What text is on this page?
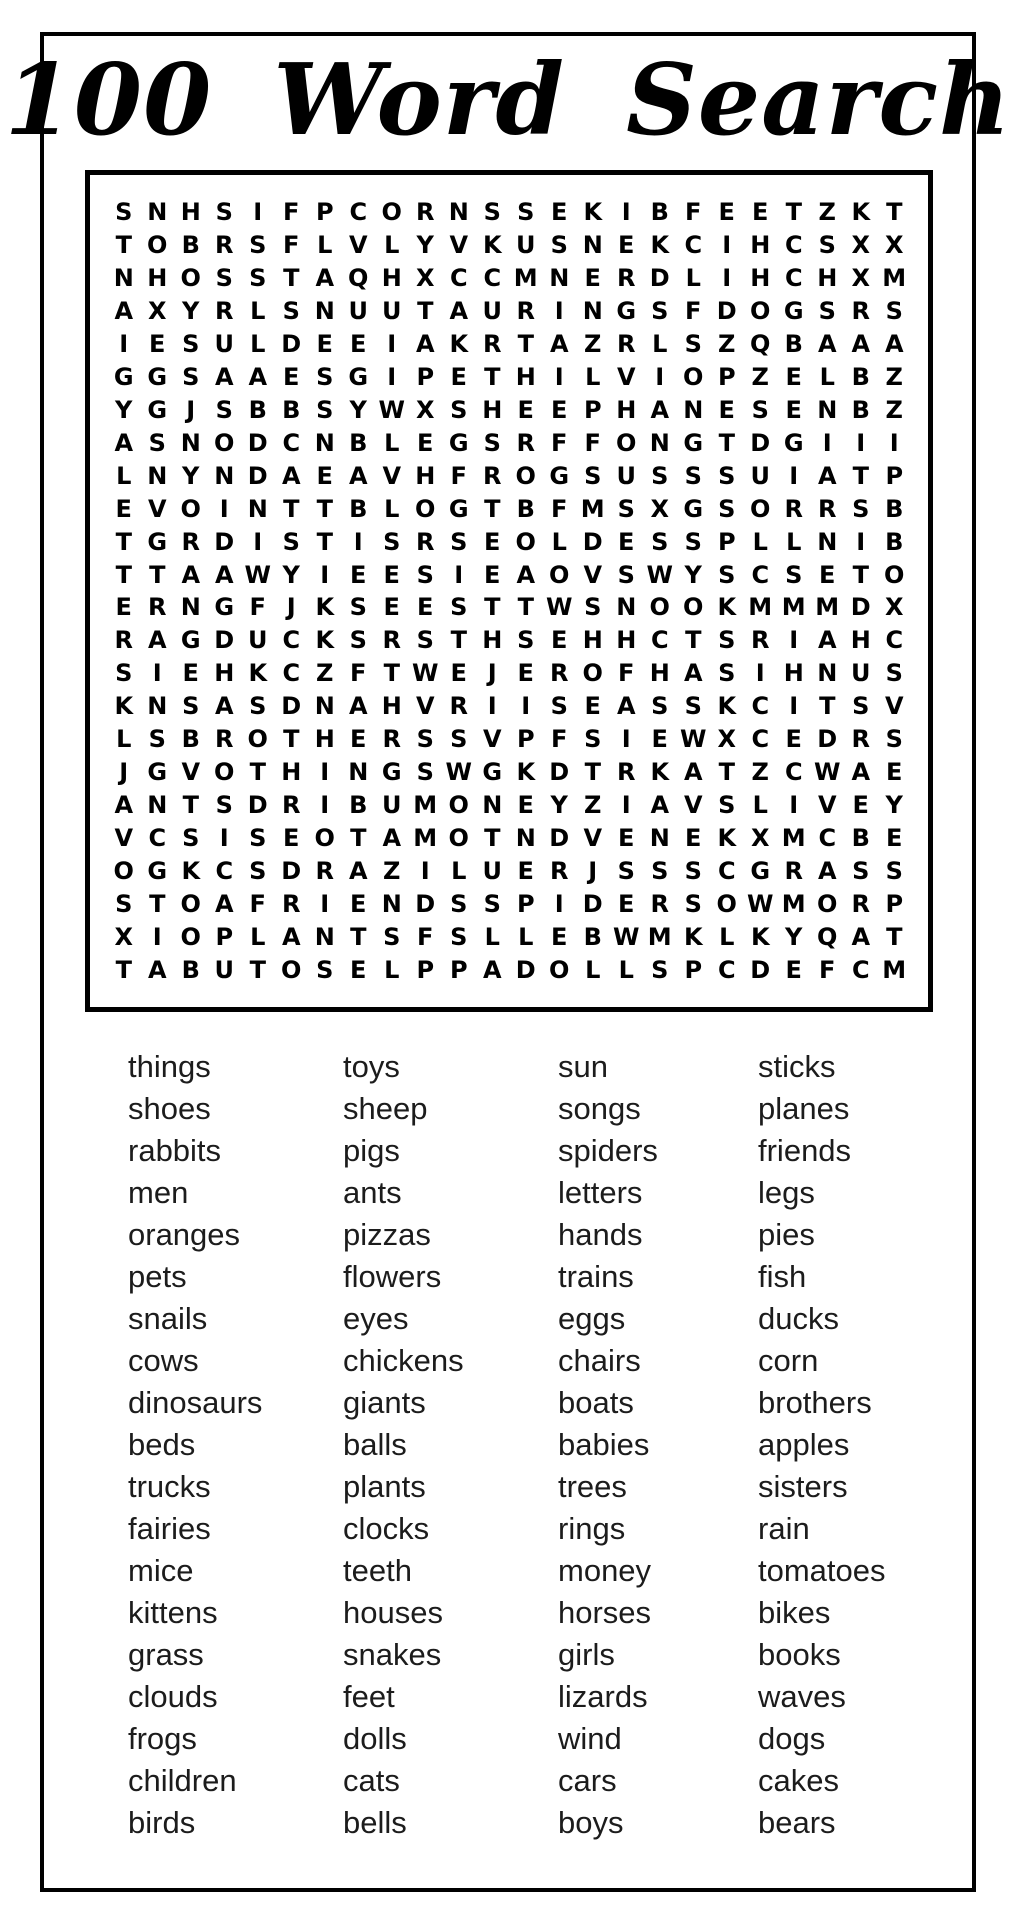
100 Word Search
S N H S I F P C O R N S S E K I B F E E T Z K T
T O B R S F L V L Y V K U S N E K C I H C S X X
N H O S S T A Q H X C C M N E R D L I H C H X M
A X Y R L S N U U T A U R I N G S F D O G S R S
I E S U L D E E I A K R T A Z R L S Z Q B A A A
G G S A A E S G I P E T H I L V I O P Z E L B Z
Y G J S B B S Y W X S H E E P H A N E S E N B Z
A S N O D C N B L E G S R F F O N G T D G I	I	I
L N Y N D A E A V H F R O G S U S S S U I A T P
E V O I N T T B L O G T B F M S X G S O R R S B
T G R D I S T I S R S E O L D E S S P L L N I B
T T A A W Y I E E S I E A O V S W Y S C S E T O
E R N G F J K S E E S T T W S N O O K M M M D X
R A G D U C K S R S T H S E H H C T S R I A H C
S I E H K C Z F T W E J E R O F H A S I H N U S
K N S A S D N A H V R I	I S E A S S K C I T S V
L S B R O T H E R S S V P F S I E W X C E D R S
J G V O T H I N G S W G K D T R K A T Z C W A E
A N T S D R I B U M O N E Y Z I A V S L I V E Y
V C S I S E O T A M O T N D V E N E K X M C B E
O G K C S D R A Z I L U E R J S S S C G R A S S
S T O A F R I E N D S S P I D E R S O W M O R P
X I O P L A N T S F S L L E B W M K L K Y Q A T
T A B U T O S E L P P A D O L L S P C D E F C M
things
shoes
rabbits
men
oranges
pets
snails
cows
dinosaurs
beds
trucks
fairies
mice
kittens
grass
clouds
frogs
children
birds
toys
sheep
pigs
ants
pizzas
flowers
eyes
chickens
giants
balls
plants
clocks
teeth
houses
snakes
feet
dolls
cats
bells
sun
songs
spiders
letters
hands
trains
eggs
chairs
boats
babies
trees
rings
money
horses
girls
lizards
wind
cars
boys
sticks
planes
friends
legs
pies
fish
ducks
corn
brothers
apples
sisters
rain
tomatoes
bikes
books
waves
dogs
cakes
bears
